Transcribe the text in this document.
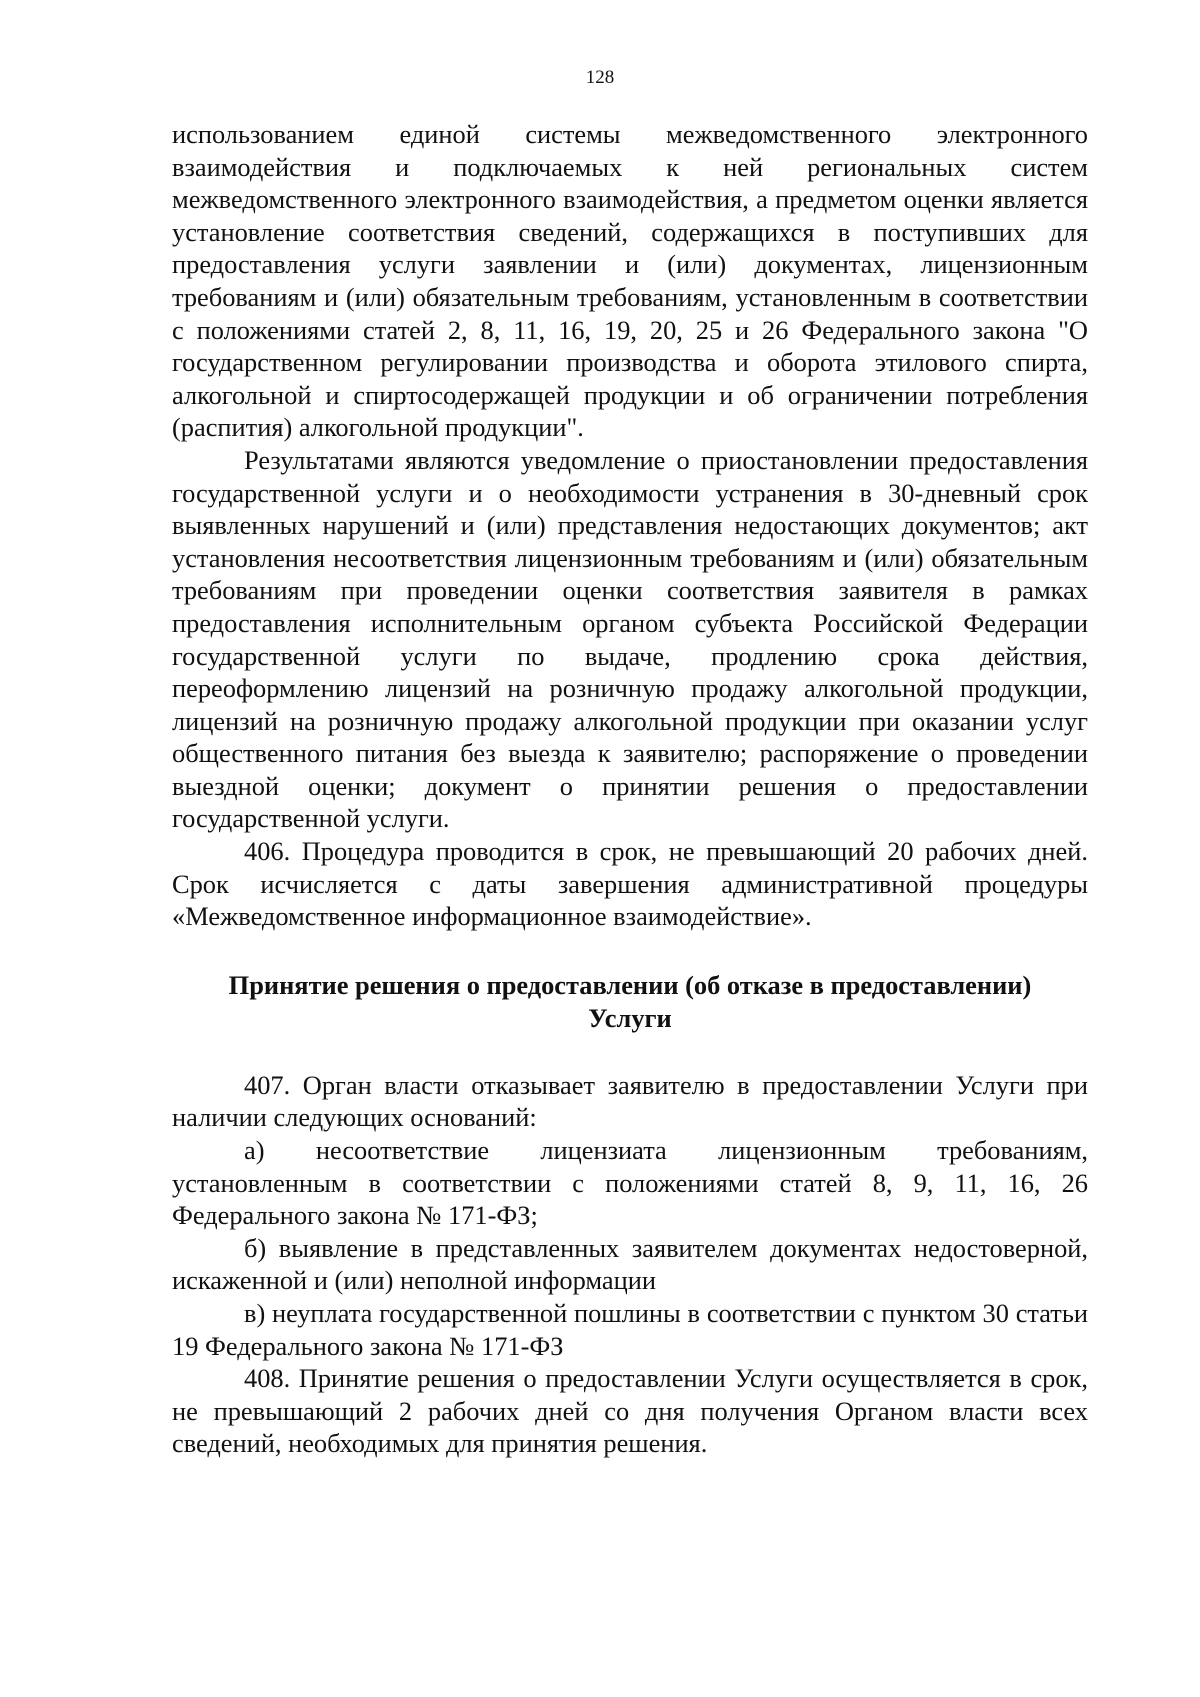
128

использованием единой системы межведомственного электронного взаимодействия и подключаемых к ней региональных систем межведомственного электронного взаимодействия, а предметом оценки является установление соответствия сведений, содержащихся в поступивших для предоставления услуги заявлении и (или) документах, лицензионным требованиям и (или) обязательным требованиям, установленным в соответствии с положениями статей 2, 8, 11, 16, 19, 20, 25 и 26 Федерального закона "О государственном регулировании производства и оборота этилового спирта, алкогольной и спиртосодержащей продукции и об ограничении потребления (распития) алкогольной продукции".

Результатами являются уведомление о приостановлении предоставления государственной услуги и о необходимости устранения в 30-дневный срок выявленных нарушений и (или) представления недостающих документов; акт установления несоответствия лицензионным требованиям и (или) обязательным требованиям при проведении оценки соответствия заявителя в рамках предоставления исполнительным органом субъекта Российской Федерации государственной услуги по выдаче, продлению срока действия, переоформлению лицензий на розничную продажу алкогольной продукции, лицензий на розничную продажу алкогольной продукции при оказании услуг общественного питания без выезда к заявителю; распоряжение о проведении выездной оценки; документ о принятии решения о предоставлении государственной услуги.

406. Процедура проводится в срок, не превышающий 20 рабочих дней. Срок исчисляется с даты завершения административной процедуры «Межведомственное информационное взаимодействие».

Принятие решения о предоставлении (об отказе в предоставлении)
Услуги

407. Орган власти отказывает заявителю в предоставлении Услуги при наличии следующих оснований:

а) несоответствие лицензиата лицензионным требованиям, установленным в соответствии с положениями статей 8, 9, 11, 16, 26 Федерального закона № 171-ФЗ;

б) выявление в представленных заявителем документах недостоверной, искаженной и (или) неполной информации

в) неуплата государственной пошлины в соответствии с пунктом 30 статьи 19 Федерального закона № 171-ФЗ

408. Принятие решения о предоставлении Услуги осуществляется в срок, не превышающий 2 рабочих дней со дня получения Органом власти всех сведений, необходимых для принятия решения.
